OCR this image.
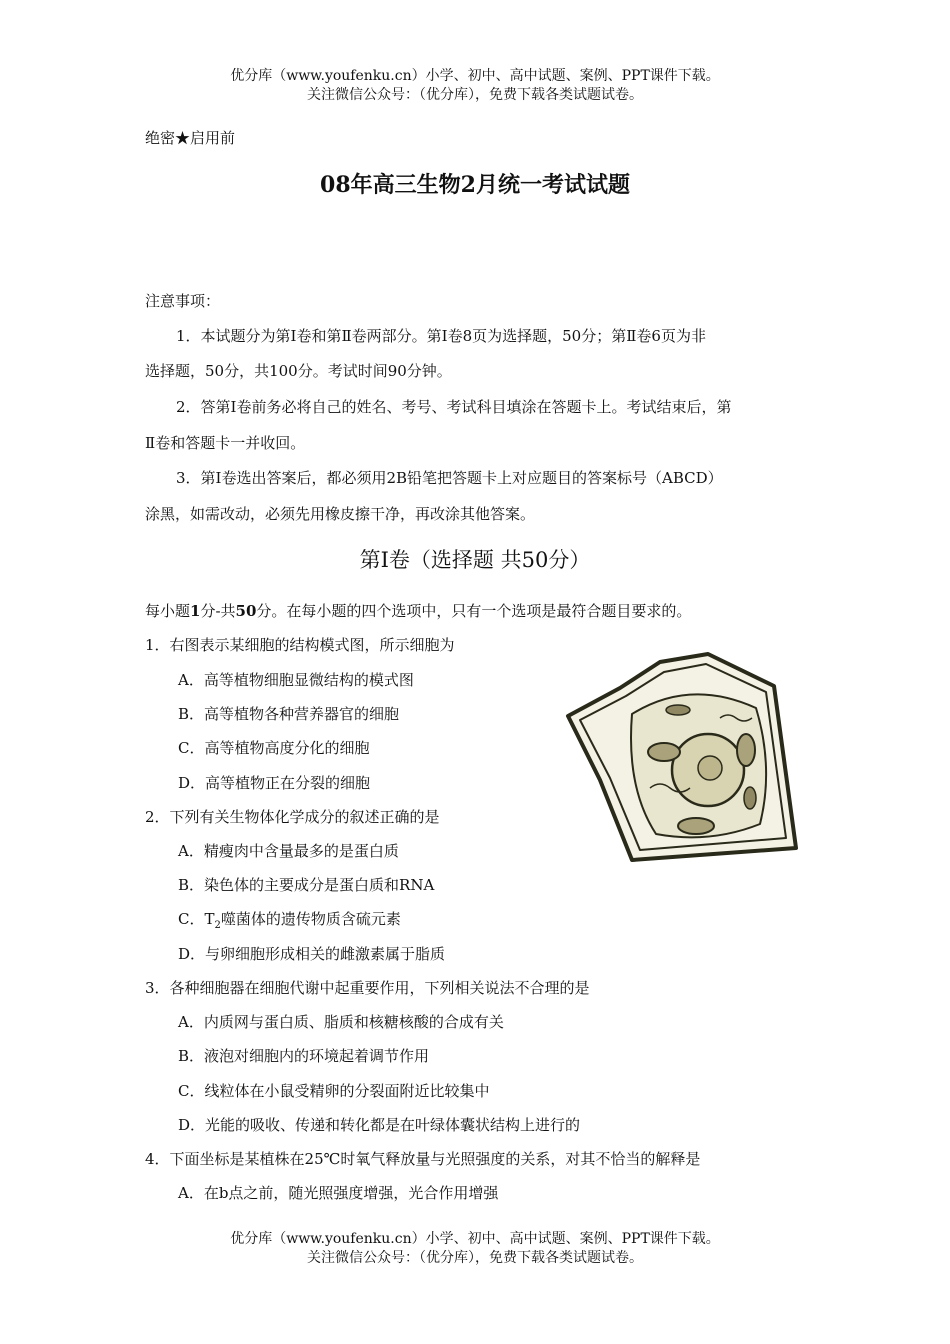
优分库（www.youfenku.cn）小学、初中、高中试题、案例、PPT课件下载。
关注微信公众号：（优分库），免费下载各类试题试卷。
绝密★启用前
08年高三生物2月统一考试试题
注意事项：
1．本试题分为第Ⅰ卷和第Ⅱ卷两部分。第Ⅰ卷8页为选择题，50分；第Ⅱ卷6页为非
选择题，50分，共100分。考试时间90分钟。
2．答第Ⅰ卷前务必将自己的姓名、考号、考试科目填涂在答题卡上。考试结束后，第
Ⅱ卷和答题卡一并收回。
3．第Ⅰ卷选出答案后，都必须用2B铅笔把答题卡上对应题目的答案标号（ABCD）
涂黑，如需改动，必须先用橡皮擦干净，再改涂其他答案。
第Ⅰ卷（选择题 共50分）
每小题1分-共50分。在每小题的四个选项中，只有一个选项是最符合题目要求的。
1．右图表示某细胞的结构模式图，所示细胞为
A．高等植物细胞显微结构的模式图
B．高等植物各种营养器官的细胞
C．高等植物高度分化的细胞
D．高等植物正在分裂的细胞
2．下列有关生物体化学成分的叙述正确的是
A．精瘦肉中含量最多的是蛋白质
B．染色体的主要成分是蛋白质和RNA
C．$T_2$噬菌体的遗传物质含硫元素
D．与卵细胞形成相关的雌激素属于脂质
3．各种细胞器在细胞代谢中起重要作用，下列相关说法不合理的是
A．内质网与蛋白质、脂质和核糖核酸的合成有关
B．液泡对细胞内的环境起着调节作用
C．线粒体在小鼠受精卵的分裂面附近比较集中
D．光能的吸收、传递和转化都是在叶绿体囊状结构上进行的
4．下面坐标是某植株在25℃时氧气释放量与光照强度的关系，对其不恰当的解释是
A．在b点之前，随光照强度增强，光合作用增强
优分库（www.youfenku.cn）小学、初中、高中试题、案例、PPT课件下载。
关注微信公众号：（优分库），免费下载各类试题试卷。
